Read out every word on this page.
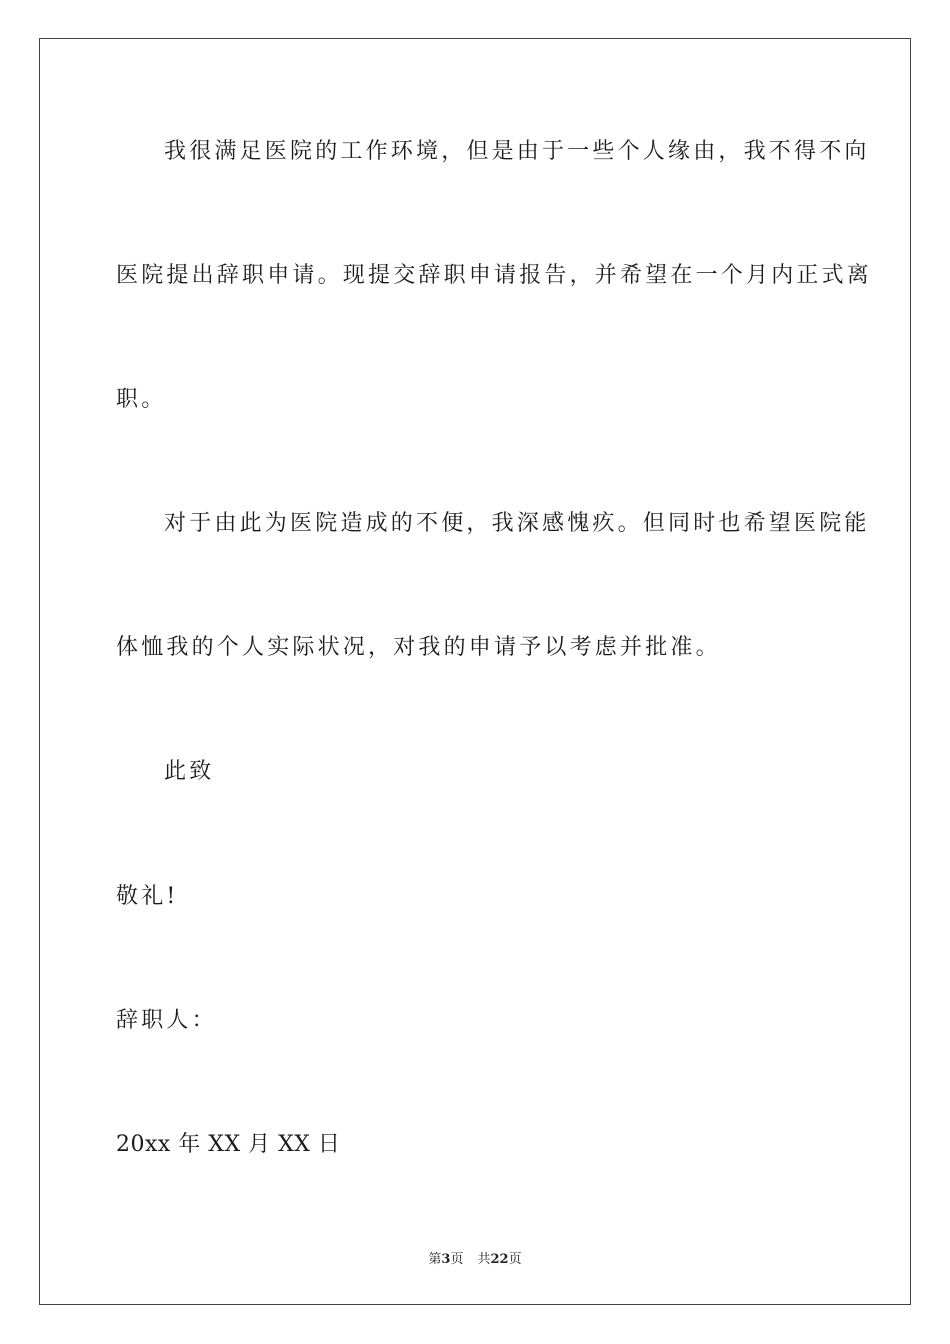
我很满足医院的工作环境，但是由于一些个人缘由，我不得不向
医院提出辞职申请。现提交辞职申请报告，并希望在一个月内正式离
职。
对于由此为医院造成的不便，我深感愧疚。但同时也希望医院能
体恤我的个人实际状况，对我的申请予以考虑并批准。
此致
敬礼!
辞职人：
20xx 年 XX 月 XX 日
第3页 共22页
